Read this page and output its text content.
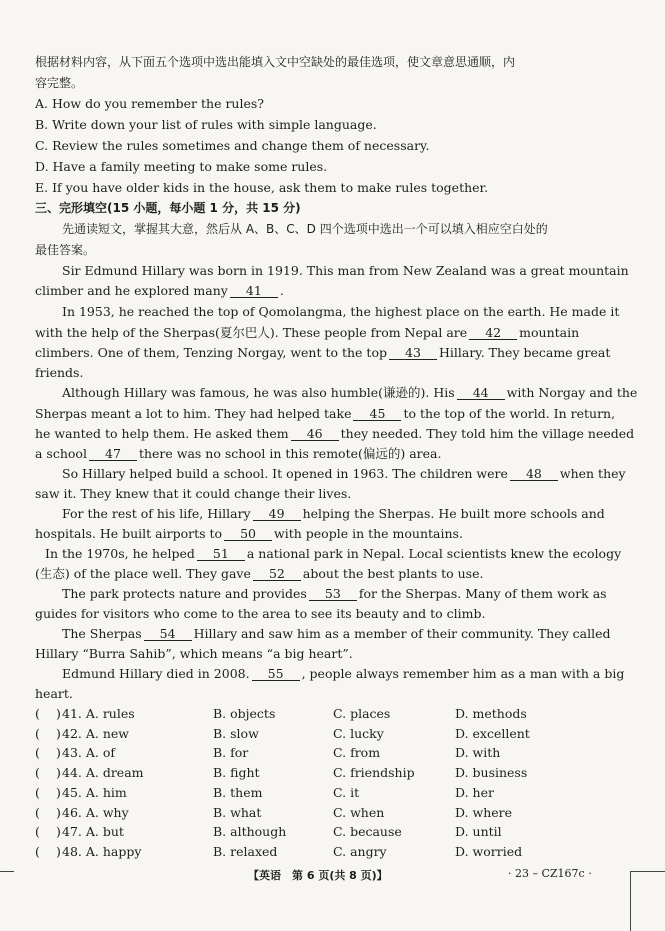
根据材料内容，从下面五个选项中选出能填入文中空缺处的最佳选项，使文章意思通顺，内
容完整。
A. How do you remember the rules?
B. Write down your list of rules with simple language.
C. Review the rules sometimes and change them of necessary.
D. Have a family meeting to make some rules.
E. If you have older kids in the house, ask them to make rules together.
三、完形填空(15 小题，每小题 1 分，共 15 分)
先通读短文，掌握其大意，然后从 A、B、C、D 四个选项中选出一个可以填入相应空白处的
最佳答案。
Sir Edmund Hillary was born in 1919. This man from New Zealand was a great mountain
climber and he explored many 41 .
In 1953, he reached the top of Qomolangma, the highest place on the earth. He made it
with the help of the Sherpas(夏尔巴人). These people from Nepal are 42 mountain
climbers. One of them, Tenzing Norgay, went to the top 43 Hillary. They became great
friends.
Although Hillary was famous, he was also humble(谦逊的). His 44 with Norgay and the
Sherpas meant a lot to him. They had helped take 45 to the top of the world. In return,
he wanted to help them. He asked them 46 they needed. They told him the village needed
a school 47 there was no school in this remote(偏远的) area.
So Hillary helped build a school. It opened in 1963. The children were 48 when they
saw it. They knew that it could change their lives.
For the rest of his life, Hillary 49 helping the Sherpas. He built more schools and
hospitals. He built airports to 50 with people in the mountains.
In the 1970s, he helped 51 a national park in Nepal. Local scientists knew the ecology
(生态) of the place well. They gave 52 about the best plants to use.
The park protects nature and provides 53 for the Sherpas. Many of them work as
guides for visitors who come to the area to see its beauty and to climb.
The Sherpas 54 Hillary and saw him as a member of their community. They called
Hillary “Burra Sahib”, which means “a big heart”.
Edmund Hillary died in 2008. 55 , people always remember him as a man with a big
heart.
( ) 41. A. rules	B. objects	C. places	D. methods
( ) 42. A. new	B. slow	C. lucky	D. excellent
( ) 43. A. of	B. for	C. from	D. with
( ) 44. A. dream	B. fight	C. friendship	D. business
( ) 45. A. him	B. them	C. it	D. her
( ) 46. A. why	B. what	C. when	D. where
( ) 47. A. but	B. although	C. because	D. until
( ) 48. A. happy	B. relaxed	C. angry	D. worried
【英语　第 6 页(共 8 页)】	· 23 – CZ167c ·
